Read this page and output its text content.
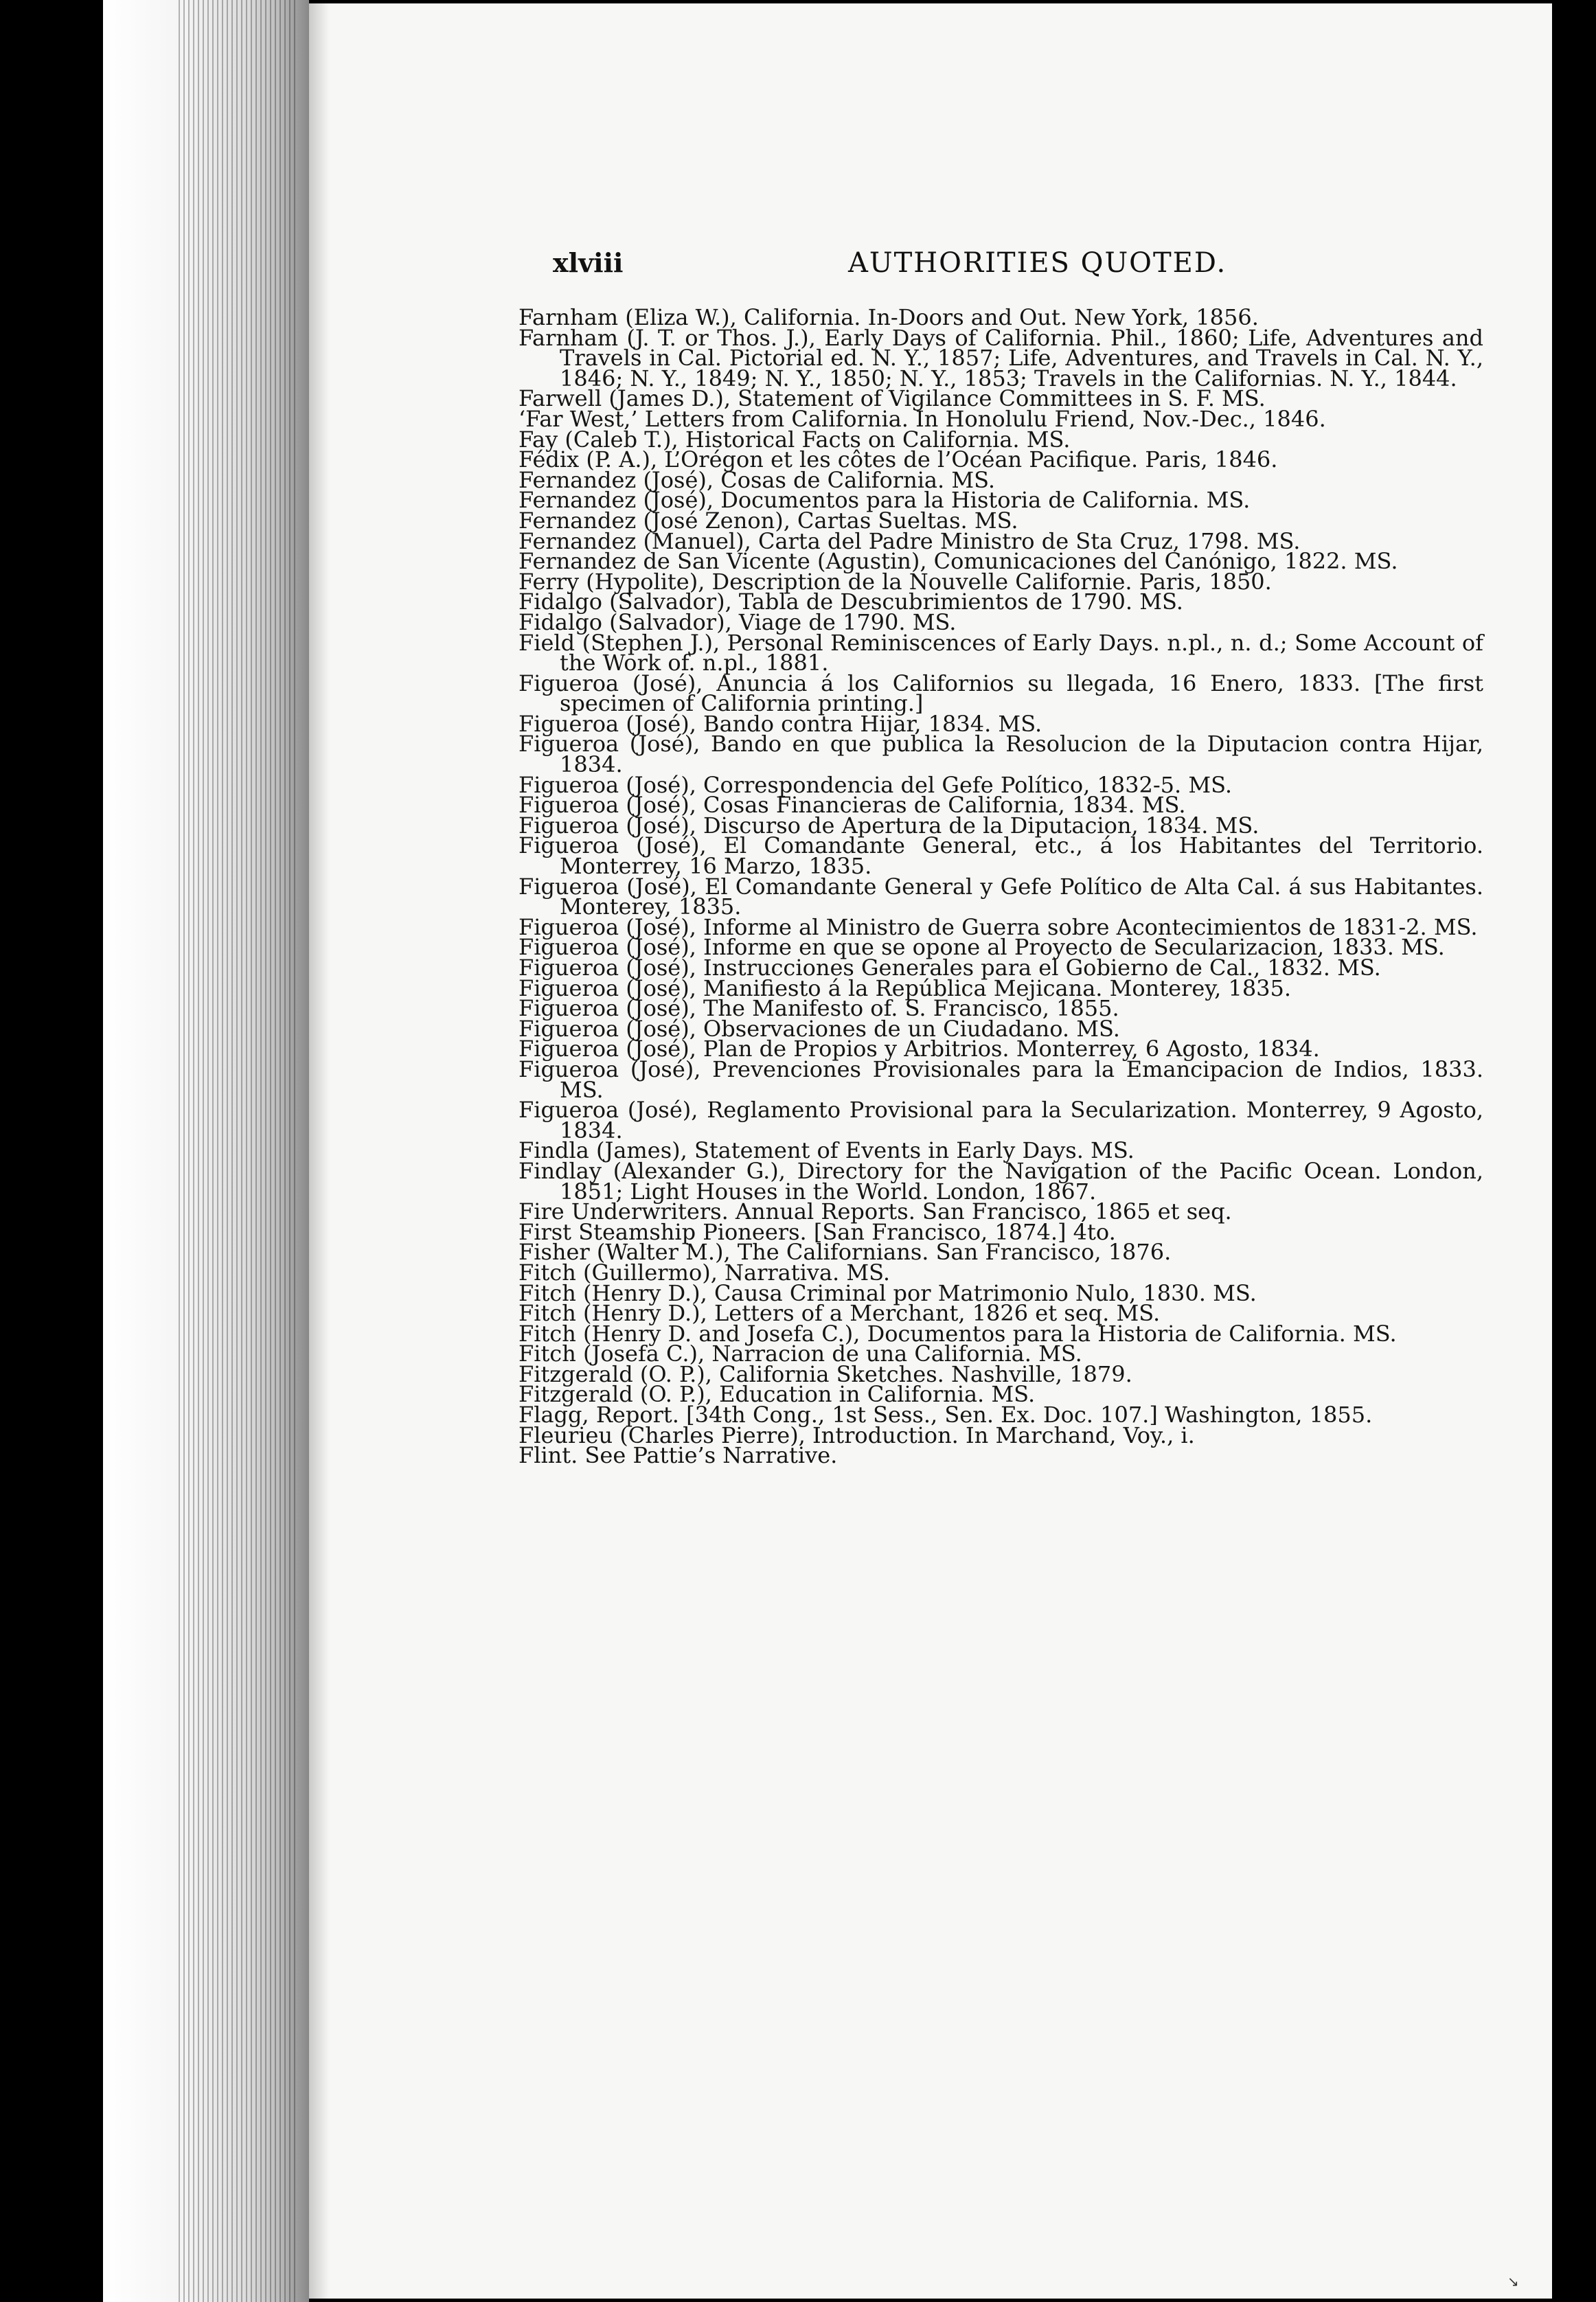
xlviii	AUTHORITIES QUOTED.

Farnham (Eliza W.), California. In-Doors and Out. New York, 1856.

Farnham (J. T. or Thos. J.), Early Days of California. Phil., 1860; Life, Adventures and Travels in Cal. Pictorial ed. N. Y., 1857; Life, Adventures, and Travels in Cal. N. Y., 1846; N. Y., 1849; N. Y., 1850; N. Y., 1853; Travels in the Californias. N. Y., 1844.

Farwell (James D.), Statement of Vigilance Committees in S. F. MS.

‘Far West,’ Letters from California. In Honolulu Friend, Nov.-Dec., 1846.

Fay (Caleb T.), Historical Facts on California. MS.

Fédix (P. A.), L’Orégon et les côtes de l’Océan Pacifique. Paris, 1846.

Fernandez (José), Cosas de California. MS.

Fernandez (José), Documentos para la Historia de California. MS.

Fernandez (José Zenon), Cartas Sueltas. MS.

Fernandez (Manuel), Carta del Padre Ministro de Sta Cruz, 1798. MS.

Fernandez de San Vicente (Agustin), Comunicaciones del Canónigo, 1822. MS.

Ferry (Hypolite), Description de la Nouvelle Californie. Paris, 1850.

Fidalgo (Salvador), Tabla de Descubrimientos de 1790. MS.

Fidalgo (Salvador), Viage de 1790. MS.

Field (Stephen J.), Personal Reminiscences of Early Days. n.pl., n. d.; Some Account of the Work of. n.pl., 1881.

Figueroa (José), Anuncia á los Californios su llegada, 16 Enero, 1833. [The first specimen of California printing.]

Figueroa (José), Bando contra Hijar, 1834. MS.

Figueroa (José), Bando en que publica la Resolucion de la Diputacion contra Hijar, 1834.

Figueroa (José), Correspondencia del Gefe Político, 1832-5. MS.

Figueroa (José), Cosas Financieras de California, 1834. MS.

Figueroa (José), Discurso de Apertura de la Diputacion, 1834. MS.

Figueroa (José), El Comandante General, etc., á los Habitantes del Territorio. Monterrey, 16 Marzo, 1835.

Figueroa (José), El Comandante General y Gefe Político de Alta Cal. á sus Habitantes. Monterey, 1835.

Figueroa (José), Informe al Ministro de Guerra sobre Acontecimientos de 1831-2. MS.

Figueroa (José), Informe en que se opone al Proyecto de Secularizacion, 1833. MS.

Figueroa (José), Instrucciones Generales para el Gobierno de Cal., 1832. MS.

Figueroa (José), Manifiesto á la República Mejicana. Monterey, 1835.

Figueroa (José), The Manifesto of. S. Francisco, 1855.

Figueroa (José), Observaciones de un Ciudadano. MS.

Figueroa (José), Plan de Propios y Arbitrios. Monterrey, 6 Agosto, 1834.

Figueroa (José), Prevenciones Provisionales para la Emancipacion de Indios, 1833. MS.

Figueroa (José), Reglamento Provisional para la Secularization. Monterrey, 9 Agosto, 1834.

Findla (James), Statement of Events in Early Days. MS.

Findlay (Alexander G.), Directory for the Navigation of the Pacific Ocean. London, 1851; Light Houses in the World. London, 1867.

Fire Underwriters. Annual Reports. San Francisco, 1865 et seq.

First Steamship Pioneers. [San Francisco, 1874.] 4to.

Fisher (Walter M.), The Californians. San Francisco, 1876.

Fitch (Guillermo), Narrativa. MS.

Fitch (Henry D.), Causa Criminal por Matrimonio Nulo, 1830. MS.

Fitch (Henry D.), Letters of a Merchant, 1826 et seq. MS.

Fitch (Henry D. and Josefa C.), Documentos para la Historia de California. MS.

Fitch (Josefa C.), Narracion de una California. MS.

Fitzgerald (O. P.), California Sketches. Nashville, 1879.

Fitzgerald (O. P.), Education in California. MS.

Flagg, Report. [34th Cong., 1st Sess., Sen. Ex. Doc. 107.] Washington, 1855.

Fleurieu (Charles Pierre), Introduction. In Marchand, Voy., i.

Flint. See Pattie’s Narrative.

↘
